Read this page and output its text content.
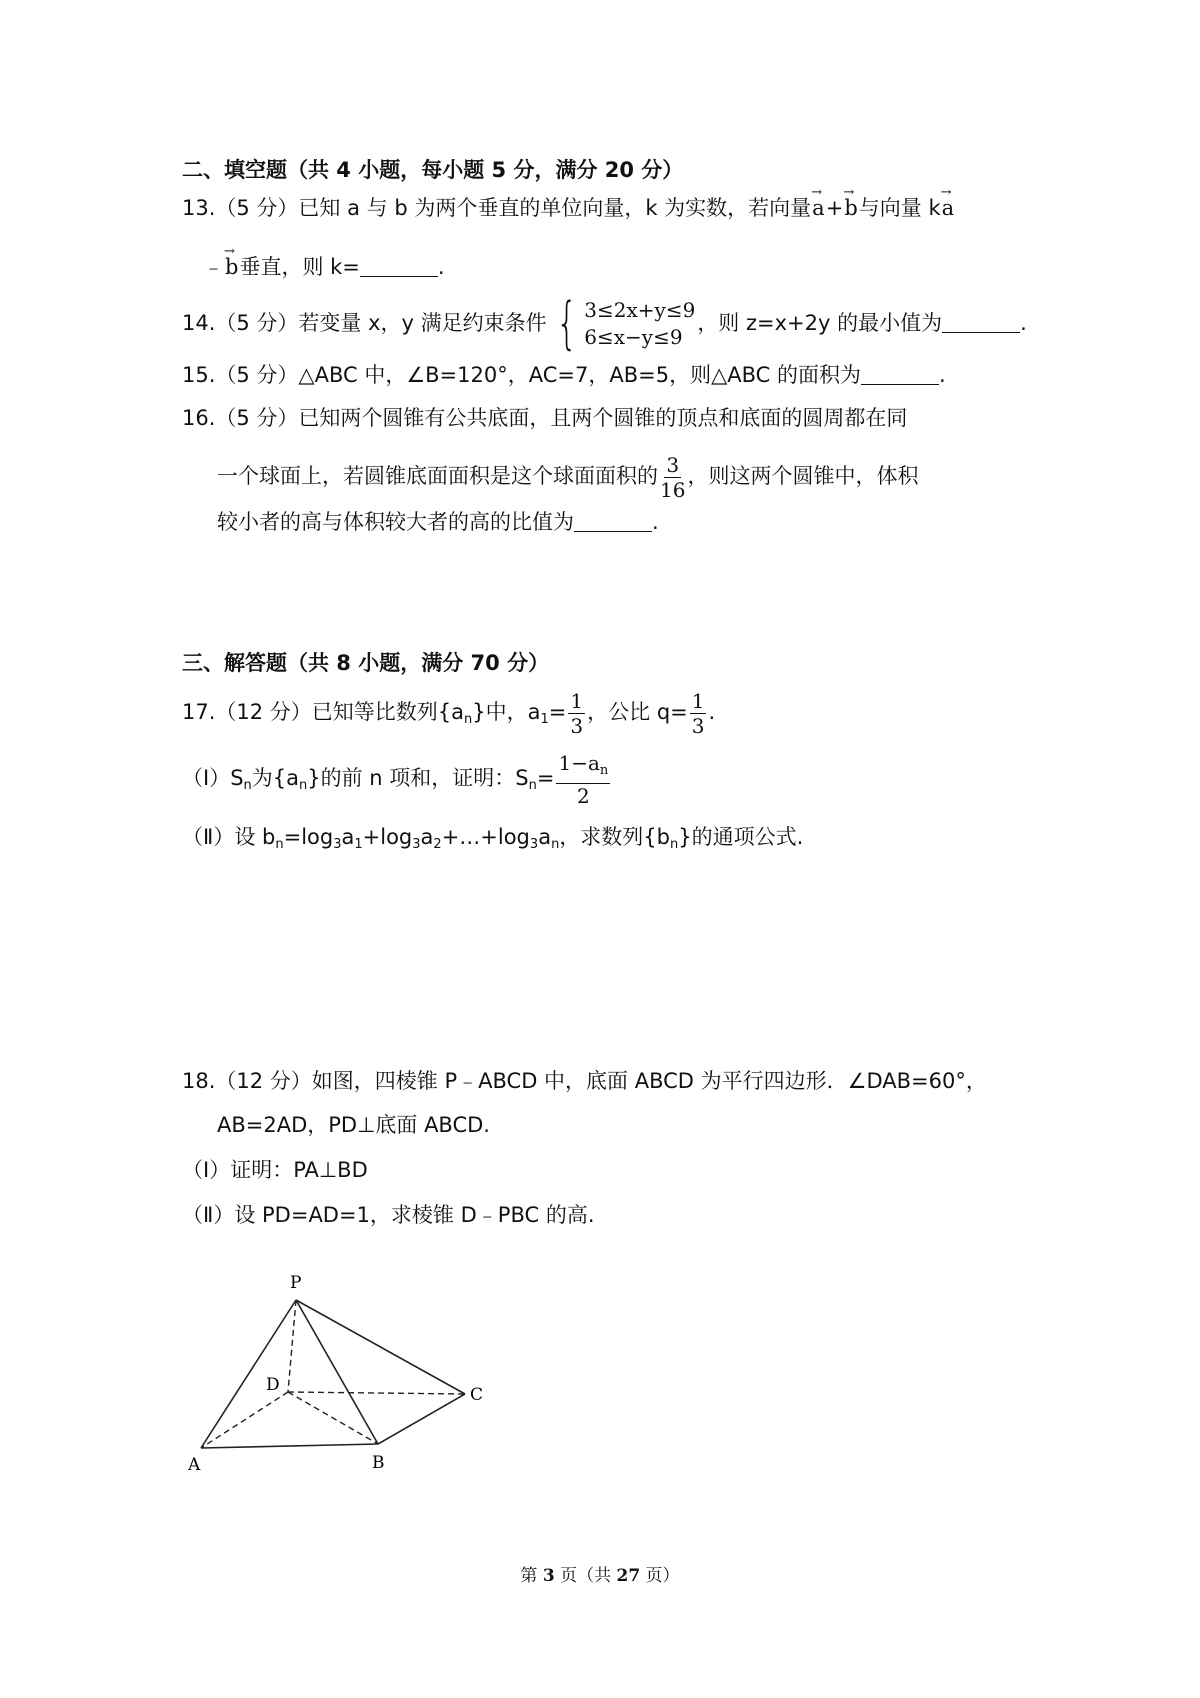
二、填空题（共 4 小题，每小题 5 分，满分 20 分）
13.（5 分）已知 a 与 b 为两个垂直的单位向量，k 为实数，若向量→ a+→ b与向量 k→ a
﹣→ b垂直，则 k=	.
14.（5 分）若变量 x，y 满足约束条件 { 3≤2x+y≤9
6≤x−y≤9
，则 z=x+2y 的最小值为	.
15.（5 分）△ABC 中，∠B=120°，AC=7，AB=5，则△ABC 的面积为	.
16.（5 分）已知两个圆锥有公共底面，且两个圆锥的顶点和底面的圆周都在同
一个球面上，若圆锥底面面积是这个球面面积的 $\frac{3}{16}$ ，则这两个圆锥中，体积
较小者的高与体积较大者的高的比值为	.
三、解答题（共 8 小题，满分 70 分）
17.（12 分）已知等比数列$\{a_n\}$中，$a_1= \frac{1}{3}$ ，公比 $q= \frac{1}{3}$ .
$(Ⅰ)S_n$为$\{a_n\}$的前 n 项和，证明：$S_n= \frac{1-a_n}{2}$
（Ⅱ）设 $b_n=\log_3a_1+\log_3a_2+\dots+\log_3a_n$，求数列$\{b_n\}$的通项公式.
18.（12 分）如图，四棱锥 P﹣ABCD 中，底面 ABCD 为平行四边形．∠DAB=60°，
AB=2AD，PD⊥底面 ABCD.
（Ⅰ）证明：PA⊥BD
（Ⅱ）设 PD=AD=1，求棱锥 D﹣PBC 的高.
P
D	C
A	B
第 3 页（共 27 页）
